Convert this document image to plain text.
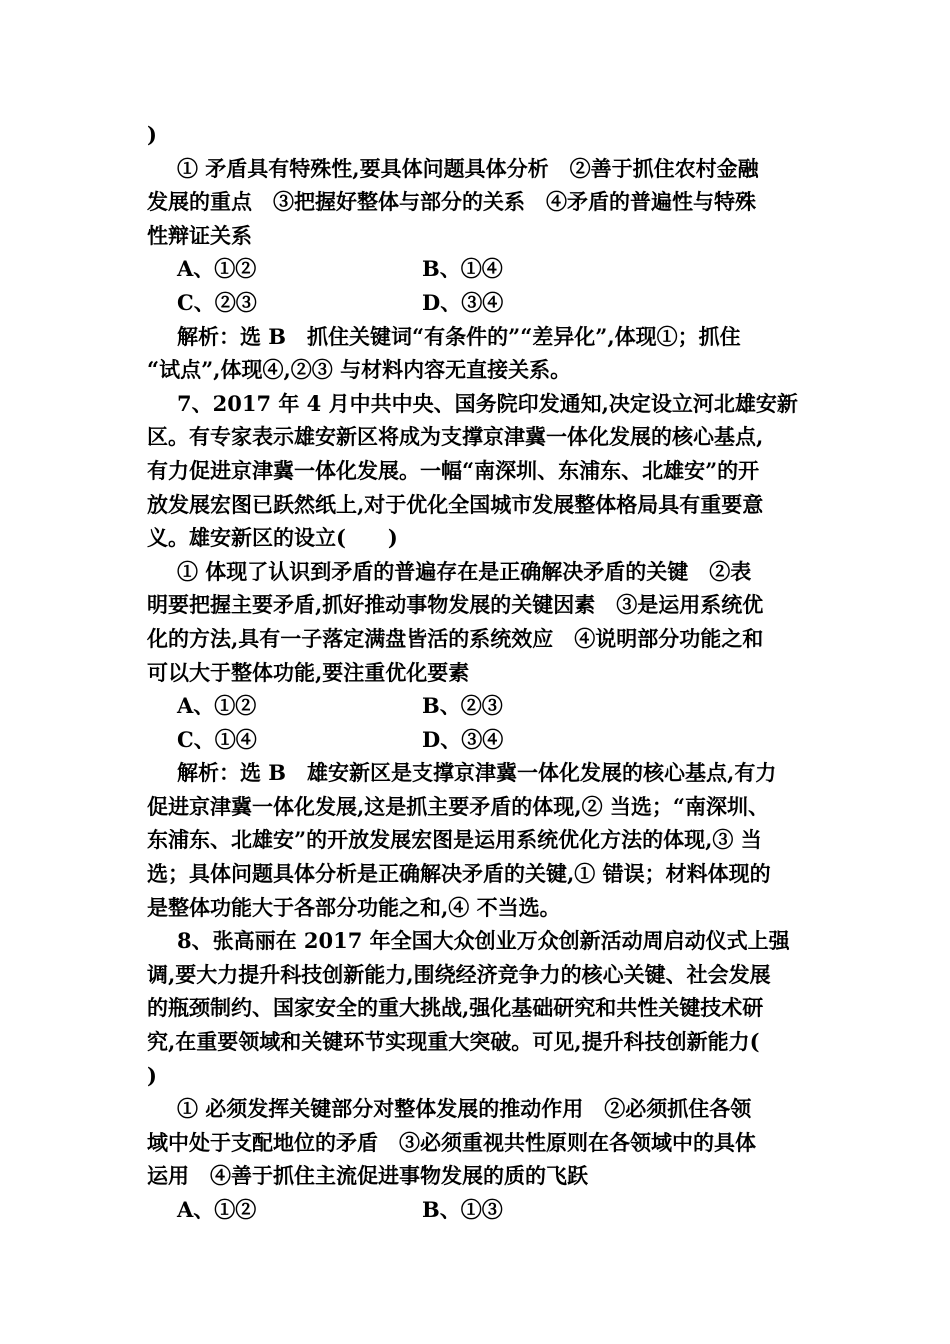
)
① 矛盾具有特殊性,要具体问题具体分析　②善于抓住农村金融
发展的重点　③把握好整体与部分的关系　④矛盾的普遍性与特殊
性辩证关系
A、①②	B、①④
C、②③	D、③④
解析：选 B　抓住关键词“有条件的”“差异化”,体现①；抓住
“试点”,体现④,②③ 与材料内容无直接关系。
7、2017 年 4 月中共中央、国务院印发通知,决定设立河北雄安新
区。有专家表示雄安新区将成为支撑京津冀一体化发展的核心基点,
有力促进京津冀一体化发展。一幅“南深圳、东浦东、北雄安”的开
放发展宏图已跃然纸上,对于优化全国城市发展整体格局具有重要意
义。雄安新区的设立(　　)
① 体现了认识到矛盾的普遍存在是正确解决矛盾的关键　②表
明要把握主要矛盾,抓好推动事物发展的关键因素　③是运用系统优
化的方法,具有一子落定满盘皆活的系统效应　④说明部分功能之和
可以大于整体功能,要注重优化要素
A、①②	B、②③
C、①④	D、③④
解析：选 B　雄安新区是支撑京津冀一体化发展的核心基点,有力
促进京津冀一体化发展,这是抓主要矛盾的体现,② 当选；“南深圳、
东浦东、北雄安”的开放发展宏图是运用系统优化方法的体现,③ 当
选；具体问题具体分析是正确解决矛盾的关键,① 错误；材料体现的
是整体功能大于各部分功能之和,④ 不当选。
8、张高丽在 2017 年全国大众创业万众创新活动周启动仪式上强
调,要大力提升科技创新能力,围绕经济竞争力的核心关键、社会发展
的瓶颈制约、国家安全的重大挑战,强化基础研究和共性关键技术研
究,在重要领域和关键环节实现重大突破。可见,提升科技创新能力(
)
① 必须发挥关键部分对整体发展的推动作用　②必须抓住各领
域中处于支配地位的矛盾　③必须重视共性原则在各领域中的具体
运用　④善于抓住主流促进事物发展的质的飞跃
A、①②	B、①③
